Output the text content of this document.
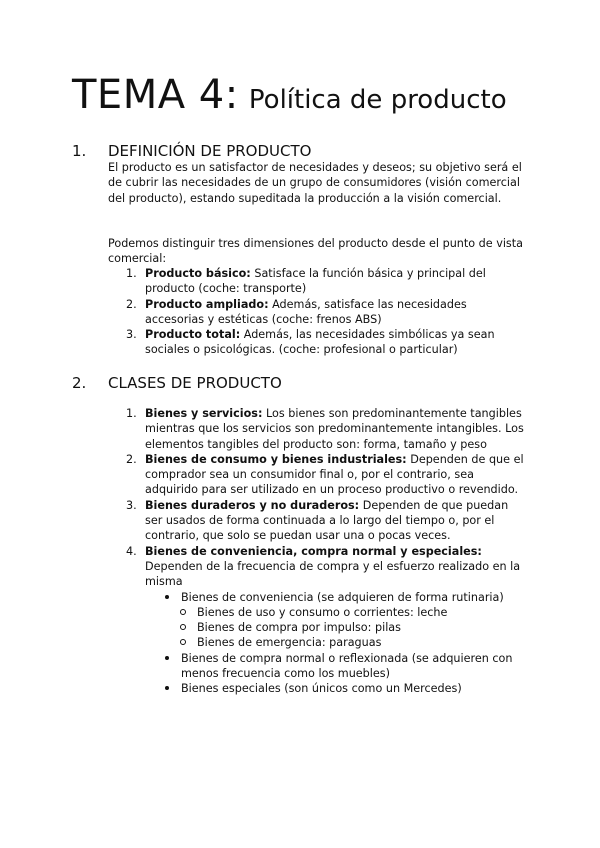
TEMA 4: Política de producto
1.	DEFINICIÓN DE PRODUCTO

El producto es un satisfactor de necesidades y deseos; su objetivo será el de cubrir las necesidades de un grupo de consumidores (visión comercial del producto), estando supeditada la producción a la visión comercial.

Podemos distinguir tres dimensiones del producto desde el punto de vista comercial:

1. Producto básico: Satisface la función básica y principal del producto (coche: transporte)
2. Producto ampliado: Además, satisface las necesidades accesorias y estéticas (coche: frenos ABS)
3. Producto total: Además, las necesidades simbólicas ya sean sociales o psicológicas. (coche: profesional o particular)
2.	CLASES DE PRODUCTO
1. Bienes y servicios: Los bienes son predominantemente tangibles mientras que los servicios son predominantemente intangibles. Los elementos tangibles del producto son: forma, tamaño y peso
2. Bienes de consumo y bienes industriales: Dependen de que el comprador sea un consumidor final o, por el contrario, sea adquirido para ser utilizado en un proceso productivo o revendido.
3. Bienes duraderos y no duraderos: Dependen de que puedan ser usados de forma continuada a lo largo del tiempo o, por el contrario, que solo se puedan usar una o pocas veces.
4. Bienes de conveniencia, compra normal y especiales: Dependen de la frecuencia de compra y el esfuerzo realizado en la misma
Bienes de conveniencia (se adquieren de forma rutinaria)
Bienes de uso y consumo o corrientes: leche
Bienes de compra por impulso: pilas
Bienes de emergencia: paraguas
Bienes de compra normal o reflexionada (se adquieren con menos frecuencia como los muebles)
Bienes especiales (son únicos como un Mercedes)
